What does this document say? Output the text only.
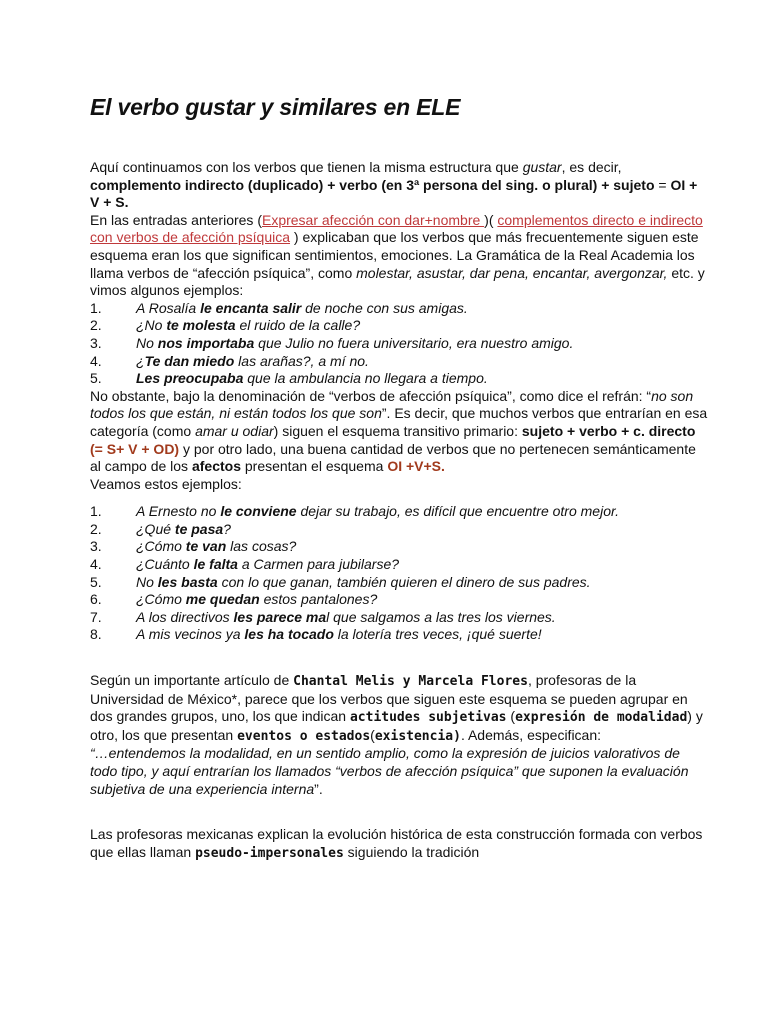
El verbo gustar y similares en ELE

Aquí continuamos con los verbos que tienen la misma estructura que gustar, es decir, complemento indirecto (duplicado) + verbo (en 3ª persona del sing. o plural) + sujeto = OI + V + S.

En las entradas anteriores (Expresar afección con dar+nombre )( complementos directo e indirecto con verbos de afección psíquica ) explicaban que los verbos que más frecuentemente siguen este esquema eran los que significan sentimientos, emociones. La Gramática de la Real Academia los llama verbos de “afección psíquica”, como molestar, asustar, dar pena, encantar, avergonzar, etc. y vimos algunos ejemplos:

1. A Rosalía le encanta salir de noche con sus amigas.
2. ¿No te molesta el ruido de la calle?
3. No nos importaba que Julio no fuera universitario, era nuestro amigo.
4. ¿Te dan miedo las arañas?, a mí no.
5. Les preocupaba que la ambulancia no llegara a tiempo.

No obstante, bajo la denominación de “verbos de afección psíquica”, como dice el refrán: “no son todos los que están, ni están todos los que son”. Es decir, que muchos verbos que entrarían en esa categoría (como amar u odiar) siguen el esquema transitivo primario: sujeto + verbo + c. directo (= S+ V + OD) y por otro lado, una buena cantidad de verbos que no pertenecen semánticamente al campo de los afectos presentan el esquema OI +V+S.
Veamos estos ejemplos:

1. A Ernesto no le conviene dejar su trabajo, es difícil que encuentre otro mejor.
2. ¿Qué te pasa?
3. ¿Cómo te van las cosas?
4. ¿Cuánto le falta a Carmen para jubilarse?
5. No les basta con lo que ganan, también quieren el dinero de sus padres.
6. ¿Cómo me quedan estos pantalones?
7. A los directivos les parece mal que salgamos a las tres los viernes.
8. A mis vecinos ya les ha tocado la lotería tres veces, ¡qué suerte!

Según un importante artículo de Chantal Melis y Marcela Flores, profesoras de la Universidad de México*, parece que los verbos que siguen este esquema se pueden agrupar en dos grandes grupos, uno, los que indican actitudes subjetivas (expresión de modalidad) y otro, los que presentan eventos o estados(existencia). Además, especifican:
“…entendemos la modalidad, en un sentido amplio, como la expresión de juicios valorativos de todo tipo, y aquí entrarían los llamados “verbos de afección psíquica” que suponen la evaluación subjetiva de una experiencia interna”.

Las profesoras mexicanas explican la evolución histórica de esta construcción formada con verbos que ellas llaman pseudo-impersonales siguiendo la tradición
